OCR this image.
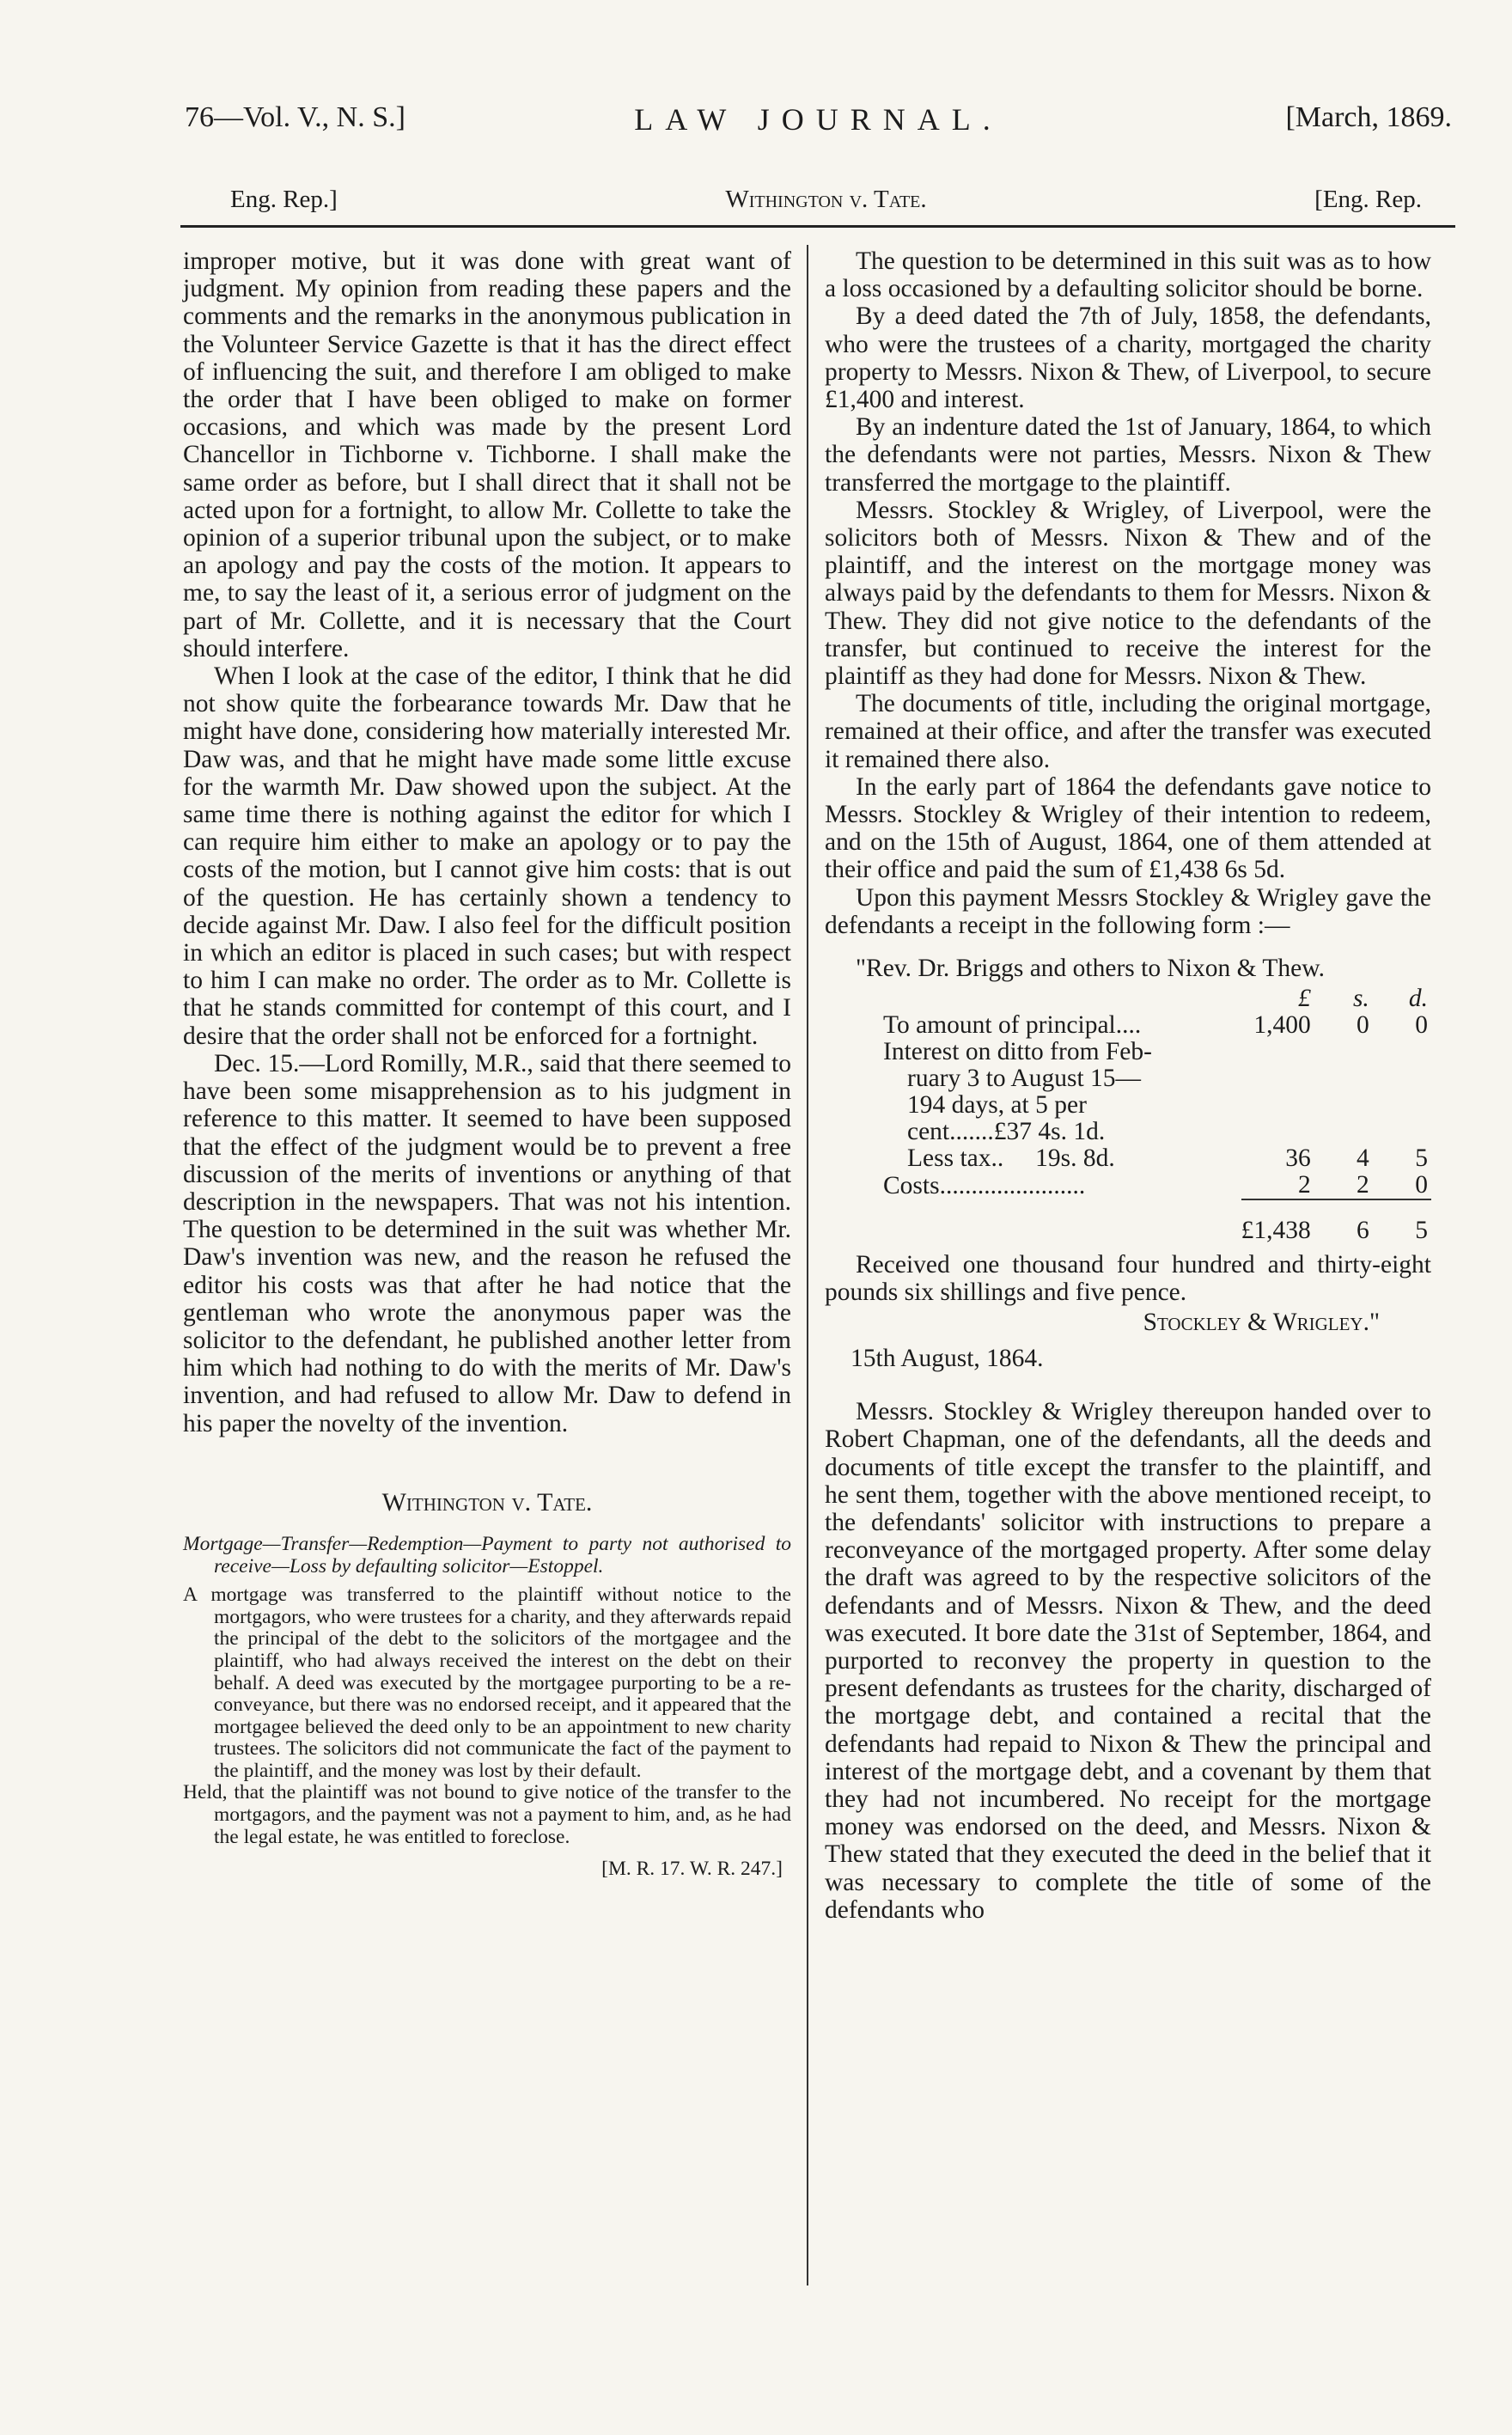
76—Vol. V., N. S.]	LAW JOURNAL.	[March, 1869.
Eng. Rep.]	Withington v. Tate.	[Eng. Rep.

improper motive, but it was done with great want of judgment. My opinion from reading these papers and the comments and the remarks in the anonymous publication in the Volunteer Service Gazette is that it has the direct effect of influencing the suit, and therefore I am obliged to make the order that I have been obliged to make on former occasions, and which was made by the present Lord Chancellor in Tichborne v. Tichborne. I shall make the same order as before, but I shall direct that it shall not be acted upon for a fortnight, to allow Mr. Collette to take the opinion of a superior tribunal upon the subject, or to make an apology and pay the costs of the motion. It appears to me, to say the least of it, a serious error of judgment on the part of Mr. Collette, and it is necessary that the Court should interfere.

When I look at the case of the editor, I think that he did not show quite the forbearance towards Mr. Daw that he might have done, considering how materially interested Mr. Daw was, and that he might have made some little excuse for the warmth Mr. Daw showed upon the subject. At the same time there is nothing against the editor for which I can require him either to make an apology or to pay the costs of the motion, but I cannot give him costs: that is out of the question. He has certainly shown a tendency to decide against Mr. Daw. I also feel for the difficult position in which an editor is placed in such cases; but with respect to him I can make no order. The order as to Mr. Collette is that he stands committed for contempt of this court, and I desire that the order shall not be enforced for a fortnight.

Dec. 15.—Lord Romilly, M.R., said that there seemed to have been some misapprehension as to his judgment in reference to this matter. It seemed to have been supposed that the effect of the judgment would be to prevent a free discussion of the merits of inventions or anything of that description in the newspapers. That was not his intention. The question to be determined in the suit was whether Mr. Daw's invention was new, and the reason he refused the editor his costs was that after he had notice that the gentleman who wrote the anonymous paper was the solicitor to the defendant, he published another letter from him which had nothing to do with the merits of Mr. Daw's invention, and had refused to allow Mr. Daw to defend in his paper the novelty of the invention.

Withington v. Tate.
Mortgage—Transfer—Redemption—Payment to party not authorised to receive—Loss by defaulting solicitor—Estoppel.
A mortgage was transferred to the plaintiff without notice to the mortgagors, who were trustees for a charity, and they afterwards repaid the principal of the debt to the solicitors of the mortgagee and the plaintiff, who had always received the interest on the debt on their behalf. A deed was executed by the mortgagee purporting to be a re-conveyance, but there was no endorsed receipt, and it appeared that the mortgagee believed the deed only to be an appointment to new charity trustees. The solicitors did not communicate the fact of the payment to the plaintiff, and the money was lost by their default.
Held, that the plaintiff was not bound to give notice of the transfer to the mortgagors, and the payment was not a payment to him, and, as he had the legal estate, he was entitled to foreclose.
[M. R. 17. W. R. 247.]

The question to be determined in this suit was as to how a loss occasioned by a defaulting solicitor should be borne.

By a deed dated the 7th of July, 1858, the defendants, who were the trustees of a charity, mortgaged the charity property to Messrs. Nixon & Thew, of Liverpool, to secure £1,400 and interest.

By an indenture dated the 1st of January, 1864, to which the defendants were not parties, Messrs. Nixon & Thew transferred the mortgage to the plaintiff.

Messrs. Stockley & Wrigley, of Liverpool, were the solicitors both of Messrs. Nixon & Thew and of the plaintiff, and the interest on the mortgage money was always paid by the defendants to them for Messrs. Nixon & Thew. They did not give notice to the defendants of the transfer, but continued to receive the interest for the plaintiff as they had done for Messrs. Nixon & Thew.

The documents of title, including the original mortgage, remained at their office, and after the transfer was executed it remained there also.

In the early part of 1864 the defendants gave notice to Messrs. Stockley & Wrigley of their intention to redeem, and on the 15th of August, 1864, one of them attended at their office and paid the sum of £1,438 6s 5d.

Upon this payment Messrs Stockley & Wrigley gave the defendants a receipt in the following form :—

"Rev. Dr. Briggs and others to Nixon & Thew.
	£	s.	d.
To amount of principal....	1,400	0	0
Interest on ditto from Feb-			
ruary 3 to August 15—			
194 days, at 5 per			
cent.......£37 4s. 1d.			
Less tax..     19s. 8d.	36	4	5
Costs.......................	2	2	0
	£1,438	6	5
Received one thousand four hundred and thirty-eight pounds six shillings and five pence.
Stockley & Wrigley."
15th August, 1864.

Messrs. Stockley & Wrigley thereupon handed over to Robert Chapman, one of the defendants, all the deeds and documents of title except the transfer to the plaintiff, and he sent them, together with the above mentioned receipt, to the defendants' solicitor with instructions to prepare a reconveyance of the mortgaged property. After some delay the draft was agreed to by the respective solicitors of the defendants and of Messrs. Nixon & Thew, and the deed was executed. It bore date the 31st of September, 1864, and purported to reconvey the property in question to the present defendants as trustees for the charity, discharged of the mortgage debt, and contained a recital that the defendants had repaid to Nixon & Thew the principal and interest of the mortgage debt, and a covenant by them that they had not incumbered. No receipt for the mortgage money was endorsed on the deed, and Messrs. Nixon & Thew stated that they executed the deed in the belief that it was necessary to complete the title of some of the defendants who
